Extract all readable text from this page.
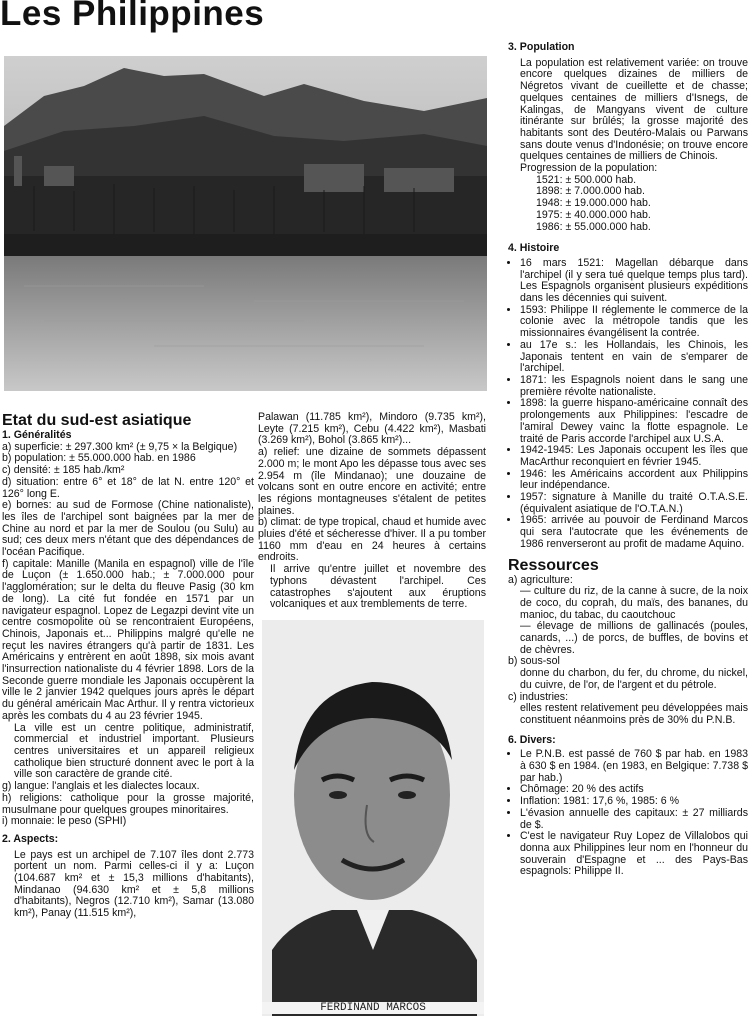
Les Philippines

Etat du sud-est asiatique

1. Généralités

a) superficie: ± 297.300 km² (± 9,75 × la Belgique)

b) population: ± 55.000.000 hab. en 1986

c) densité: ± 185 hab./km²

d) situation: entre 6° et 18° de lat N. entre 120° et 126° long E.

e) bornes: au sud de Formose (Chine nationaliste), les îles de l'archipel sont baignées par la mer de Chine au nord et par la mer de Soulou (ou Sulu) au sud; ces deux mers n'étant que des dépendances de l'océan Pacifique.

f) capitale: Manille (Manila en espagnol) ville de l'île de Luçon (± 1.650.000 hab.; ± 7.000.000 pour l'agglomération; sur le delta du fleuve Pasig (30 km de long). La cité fut fondée en 1571 par un navigateur espagnol. Lopez de Legazpi devint vite un centre cosmopolite où se rencontraient Européens, Chinois, Japonais et... Philippins malgré qu'elle ne reçut les navires étrangers qu'à partir de 1831. Les Américains y entrèrent en août 1898, six mois avant l'insurrection nationaliste du 4 février 1898. Lors de la Seconde guerre mondiale les Japonais occupèrent la ville le 2 janvier 1942 quelques jours après le départ du général américain Mac Arthur. Il y rentra victorieux après les combats du 4 au 23 février 1945.

La ville est un centre politique, administratif, commercial et industriel important. Plusieurs centres universitaires et un appareil religieux catholique bien structuré donnent avec le port à la ville son caractère de grande cité.

g) langue: l'anglais et les dialectes locaux.

h) religions: catholique pour la grosse majorité, musulmane pour quelques groupes minoritaires.

i) monnaie: le peso (SPHI)

2. Aspects:

Le pays est un archipel de 7.107 îles dont 2.773 portent un nom. Parmi celles-ci il y a: Luçon (104.687 km² et ± 15,3 millions d'habitants), Mindanao (94.630 km² et ± 5,8 millions d'habitants), Negros (12.710 km²), Samar (13.080 km²), Panay (11.515 km²),

Palawan (11.785 km²), Mindoro (9.735 km²), Leyte (7.215 km²), Cebu (4.422 km²), Masbati (3.269 km²), Bohol (3.865 km²)...

a) relief: une dizaine de sommets dépassent 2.000 m; le mont Apo les dépasse tous avec ses 2.954 m (île Mindanao); une douzaine de volcans sont en outre encore en activité; entre les régions montagneuses s'étalent de petites plaines.

b) climat: de type tropical, chaud et humide avec pluies d'été et sécheresse d'hiver. Il a pu tomber 1160 mm d'eau en 24 heures à certains endroits.

Il arrive qu'entre juillet et novembre des typhons dévastent l'archipel. Ces catastrophes s'ajoutent aux éruptions volcaniques et aux tremblements de terre.

FERDINAND MARCOS

3. Population

La population est relativement variée: on trouve encore quelques dizaines de milliers de Négretos vivant de cueillette et de chasse; quelques centaines de milliers d'Isnegs, de Kalingas, de Mangyans vivent de culture itinérante sur brûlés; la grosse majorité des habitants sont des Deutéro-Malais ou Parwans sans doute venus d'Indonésie; on trouve encore quelques centaines de milliers de Chinois.

Progression de la population:

1521: ± 500.000 hab.

1898: ± 7.000.000 hab.

1948: ± 19.000.000 hab.

1975: ± 40.000.000 hab.

1986: ± 55.000.000 hab.

4. Histoire

• 16 mars 1521: Magellan débarque dans l'archipel (il y sera tué quelque temps plus tard). Les Espagnols organisent plusieurs expéditions dans les décennies qui suivent.
• 1593: Philippe II réglemente le commerce de la colonie avec la métropole tandis que les missionnaires évangélisent la contrée.
• au 17e s.: les Hollandais, les Chinois, les Japonais tentent en vain de s'emparer de l'archipel.
• 1871: les Espagnols noient dans le sang une première révolte nationaliste.
• 1898: la guerre hispano-américaine connaît des prolongements aux Philippines: l'escadre de l'amiral Dewey vainc la flotte espagnole. Le traité de Paris accorde l'archipel aux U.S.A.
• 1942-1945: Les Japonais occupent les îles que MacArthur reconquiert en février 1945.
• 1946: les Américains accordent aux Philippins leur indépendance.
• 1957: signature à Manille du traité O.T.A.S.E. (équivalent asiatique de l'O.T.A.N.)
• 1965: arrivée au pouvoir de Ferdinand Marcos qui sera l'autocrate que les événements de 1986 renverseront au profit de madame Aquino.

Ressources

a) agriculture:

— culture du riz, de la canne à sucre, de la noix de coco, du coprah, du maïs, des bananes, du manioc, du tabac, du caoutchouc

— élevage de millions de gallinacés (poules, canards, ...) de porcs, de buffles, de bovins et de chèvres.

b) sous-sol

donne du charbon, du fer, du chrome, du nickel, du cuivre, de l'or, de l'argent et du pétrole.

c) industries:

elles restent relativement peu développées mais constituent néanmoins près de 30% du P.N.B.

6. Divers:

• Le P.N.B. est passé de 760 $ par hab. en 1983 à 630 $ en 1984. (en 1983, en Belgique: 7.738 $ par hab.)
• Chômage: 20 % des actifs
• Inflation: 1981: 17,6 %, 1985: 6 %
• L'évasion annuelle des capitaux: ± 27 milliards de $.
• C'est le navigateur Ruy Lopez de Villalobos qui donna aux Philippines leur nom en l'honneur du souverain d'Espagne et ... des Pays-Bas espagnols: Philippe II.
